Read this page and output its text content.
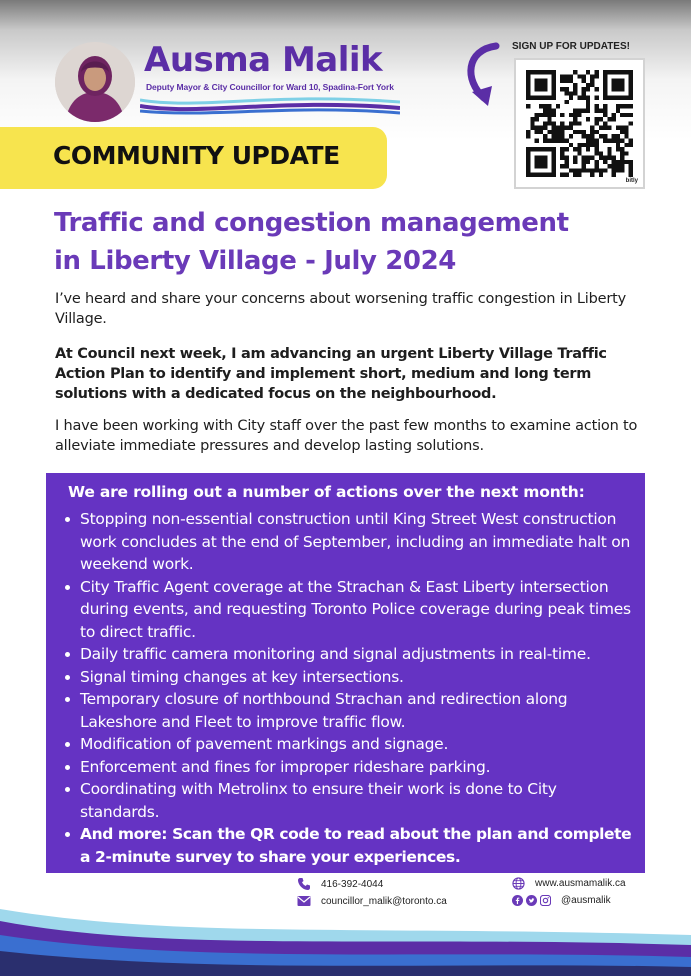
Ausma Malik
Deputy Mayor & City Councillor for Ward 10, Spadina-Fort York
SIGN UP FOR UPDATES!
bitly
COMMUNITY UPDATE
Traffic and congestion management
in Liberty Village - July 2024

I’ve heard and share your concerns about worsening traffic congestion in Liberty Village.

At Council next week, I am advancing an urgent Liberty Village Traffic Action Plan to identify and implement short, medium and long term solutions with a dedicated focus on the neighbourhood.

I have been working with City staff over the past few months to examine action to alleviate immediate pressures and develop lasting solutions.

We are rolling out a number of actions over the next month:
Stopping non-essential construction until King Street West construction work concludes at the end of September, including an immediate halt on weekend work.
City Traffic Agent coverage at the Strachan & East Liberty intersection during events, and requesting Toronto Police coverage during peak times to direct traffic.
Daily traffic camera monitoring and signal adjustments in real-time.
Signal timing changes at key intersections.
Temporary closure of northbound Strachan and redirection along Lakeshore and Fleet to improve traffic flow.
Modification of pavement markings and signage.
Enforcement and fines for improper rideshare parking.
Coordinating with Metrolinx to ensure their work is done to City standards.
And more: Scan the QR code to read about the plan and complete a 2-minute survey to share your experiences.
416-392-4044
councillor_malik@toronto.ca
www.ausmamalik.ca
@ausmalik
